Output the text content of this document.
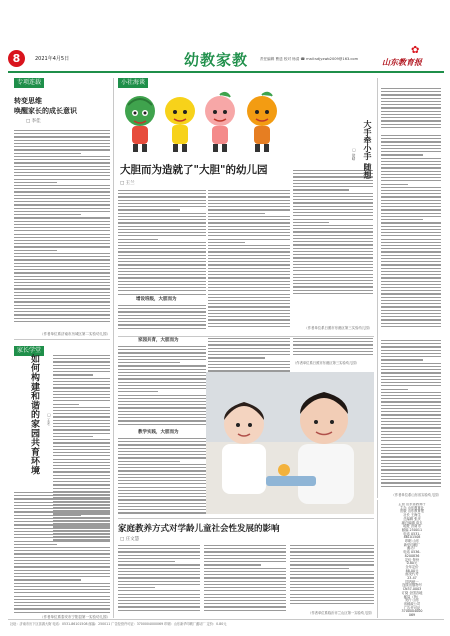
8	2021年4月5日	幼教家教	责任编辑 曹廷 校对 杨清 ☎ mail:sdjyxwb2009@163.com
✿
山东教育报
专项连载
转变思维
唤醒家长的成长意识
□ 李佳
（作者单位系济南市历城区第二实验幼儿园）
家长学堂
如何构建和谐的家园共育环境	□ 王冬
（作者单位系泰安市宁阳县第一实验幼儿园）
小社海谈
大胆而为造就了"大胆"的幼儿园
□ 王兰
增设班级，大胆而为
（作者单位系日照市东港区第三实验幼儿园）
家园共育，大胆而为
教学实践，大胆而为
（作者单位系日照市东港区第三实验幼儿园）
大手牵小手 随想
□ 徐晴
（作者单位系山东省实验幼儿园）
家庭教养方式对学龄儿童社会性发展的影响
□ 庄文慧
（作者单位系临沂市兰山区第一实验幼儿园）
主管 山东省教育厅
主办 山东教育社
出版 山东教育报
社长 王海生
总编辑 张庆
副总编辑 高玉
地址 济南市
邮编 250011
电话 0531-
86101508
印刷 山东
新华印刷厂
潍坊厂
电话 0536-
8200836
定价 每份
0.80元
全年定价
88.00元
邮发代号
23-47
国内统一
连续出版物号
CN37-0003
订阅 全国各地
邮局（所）
发行 山东
省邮政公司
广告许可证
3700004000
069
社址：济南市历下区泺源大街 电话：0531-86101508 邮编：250011 广告经营许可证：3700004000069 印刷：山东新华印刷厂潍坊厂 定价：0.80元
